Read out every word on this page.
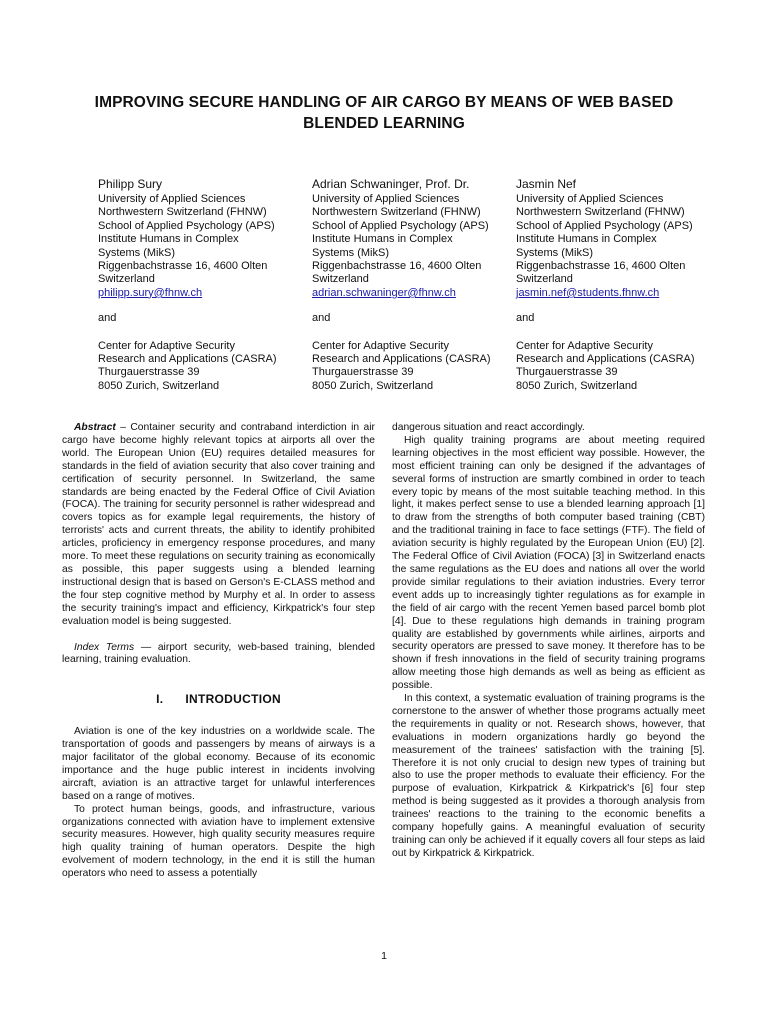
IMPROVING SECURE HANDLING OF AIR CARGO BY MEANS OF WEB BASED BLENDED LEARNING
Philipp Sury
University of Applied Sciences
Northwestern Switzerland (FHNW)
School of Applied Psychology (APS)
Institute Humans in Complex
Systems (MikS)
Riggenbachstrasse 16, 4600 Olten
Switzerland
philipp.sury@fhnw.ch
and
Center for Adaptive Security
Research and Applications (CASRA)
Thurgauerstrasse 39
8050 Zurich, Switzerland
Adrian Schwaninger, Prof. Dr.
University of Applied Sciences
Northwestern Switzerland (FHNW)
School of Applied Psychology (APS)
Institute Humans in Complex
Systems (MikS)
Riggenbachstrasse 16, 4600 Olten
Switzerland
adrian.schwaninger@fhnw.ch
and
Center for Adaptive Security
Research and Applications (CASRA)
Thurgauerstrasse 39
8050 Zurich, Switzerland
Jasmin Nef
University of Applied Sciences
Northwestern Switzerland (FHNW)
School of Applied Psychology (APS)
Institute Humans in Complex
Systems (MikS)
Riggenbachstrasse 16, 4600 Olten
Switzerland
jasmin.nef@students.fhnw.ch
and
Center for Adaptive Security
Research and Applications (CASRA)
Thurgauerstrasse 39
8050 Zurich, Switzerland

Abstract – Container security and contraband interdiction in air cargo have become highly relevant topics at airports all over the world. The European Union (EU) requires detailed measures for standards in the field of aviation security that also cover training and certification of security personnel. In Switzerland, the same standards are being enacted by the Federal Office of Civil Aviation (FOCA). The training for security personnel is rather widespread and covers topics as for example legal requirements, the history of terrorists' acts and current threats, the ability to identify prohibited articles, proficiency in emergency response procedures, and many more. To meet these regulations on security training as economically as possible, this paper suggests using a blended learning instructional design that is based on Gerson's E-CLASS method and the four step cognitive method by Murphy et al. In order to assess the security training's impact and efficiency, Kirkpatrick's four step evaluation model is being suggested.

Index Terms — airport security, web-based training, blended learning, training evaluation.

I. INTRODUCTION

Aviation is one of the key industries on a worldwide scale. The transportation of goods and passengers by means of airways is a major facilitator of the global economy. Because of its economic importance and the huge public interest in incidents involving aircraft, aviation is an attractive target for unlawful interferences based on a range of motives.

To protect human beings, goods, and infrastructure, various organizations connected with aviation have to implement extensive security measures. However, high quality security measures require high quality training of human operators. Despite the high evolvement of modern technology, in the end it is still the human operators who need to assess a potentially

dangerous situation and react accordingly.

High quality training programs are about meeting required learning objectives in the most efficient way possible. However, the most efficient training can only be designed if the advantages of several forms of instruction are smartly combined in order to teach every topic by means of the most suitable teaching method. In this light, it makes perfect sense to use a blended learning approach [1] to draw from the strengths of both computer based training (CBT) and the traditional training in face to face settings (FTF). The field of aviation security is highly regulated by the European Union (EU) [2]. The Federal Office of Civil Aviation (FOCA) [3] in Switzerland enacts the same regulations as the EU does and nations all over the world provide similar regulations to their aviation industries. Every terror event adds up to increasingly tighter regulations as for example in the field of air cargo with the recent Yemen based parcel bomb plot [4]. Due to these regulations high demands in training program quality are established by governments while airlines, airports and security operators are pressed to save money. It therefore has to be shown if fresh innovations in the field of security training programs allow meeting those high demands as well as being as efficient as possible.

In this context, a systematic evaluation of training programs is the cornerstone to the answer of whether those programs actually meet the requirements in quality or not. Research shows, however, that evaluations in modern organizations hardly go beyond the measurement of the trainees' satisfaction with the training [5]. Therefore it is not only crucial to design new types of training but also to use the proper methods to evaluate their efficiency. For the purpose of evaluation, Kirkpatrick & Kirkpatrick's [6] four step method is being suggested as it provides a thorough analysis from trainees' reactions to the training to the economic benefits a company hopefully gains. A meaningful evaluation of security training can only be achieved if it equally covers all four steps as laid out by Kirkpatrick & Kirkpatrick.

1
